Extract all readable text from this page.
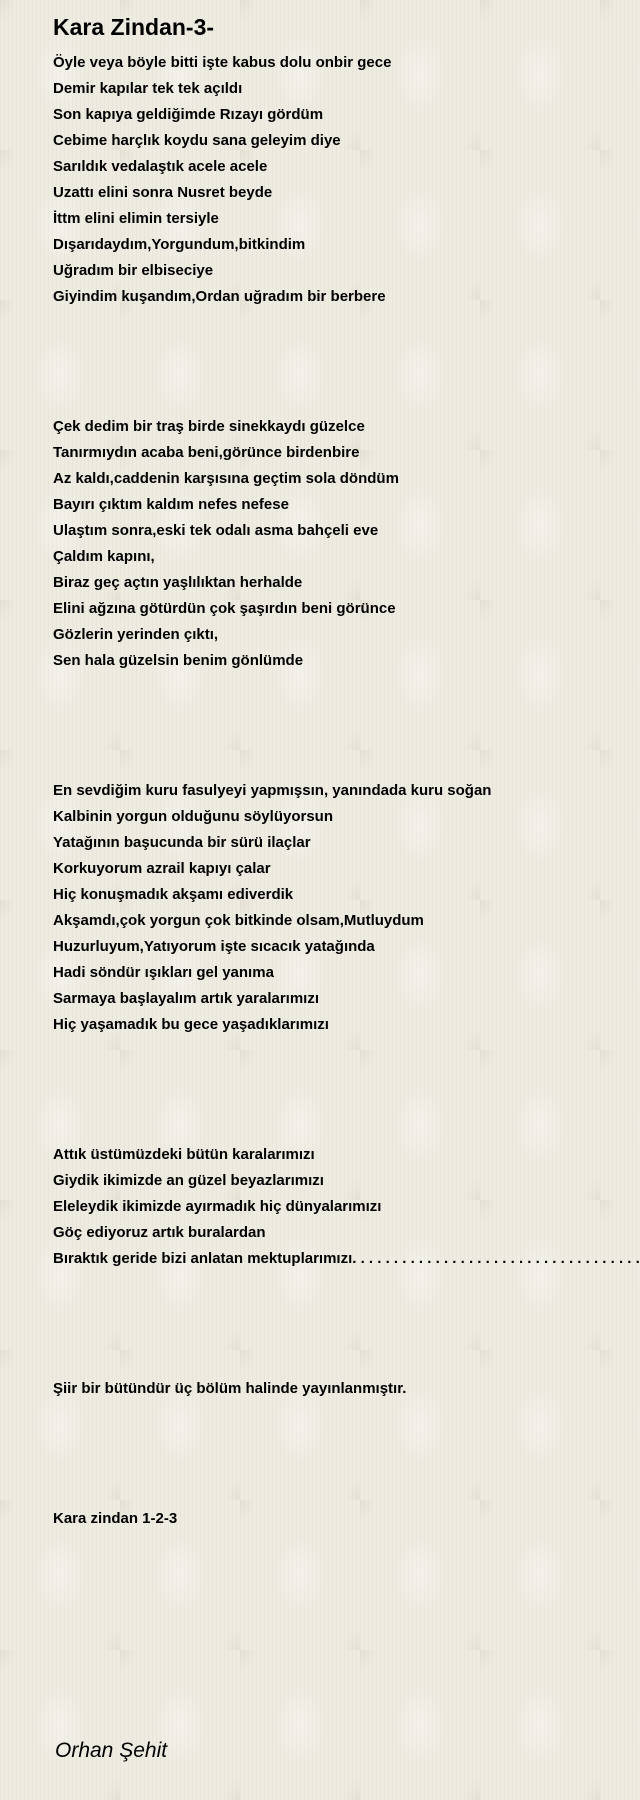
Kara Zindan-3-
Öyle veya böyle bitti işte kabus dolu onbir gece
Demir kapılar tek tek açıldı
Son kapıya geldiğimde Rızayı gördüm
Cebime harçlık koydu sana geleyim diye
Sarıldık vedalaştık acele acele
Uzattı elini sonra Nusret beyde
İttm elini elimin tersiyle
Dışarıdaydım,Yorgundum,bitkindim
Uğradım bir elbiseciye
Giyindim kuşandım,Ordan uğradım bir berbere
Çek dedim bir traş birde sinekkaydı güzelce
Tanırmıydın acaba beni,görünce birdenbire
Az kaldı,caddenin karşısına geçtim sola döndüm
Bayırı çıktım kaldım nefes nefese
Ulaştım sonra,eski tek odalı asma bahçeli eve
Çaldım kapını,
Biraz geç açtın yaşlılıktan herhalde
Elini ağzına götürdün çok şaşırdın beni görünce
Gözlerin yerinden çıktı,
Sen hala güzelsin benim gönlümde
En sevdiğim kuru fasulyeyi yapmışsın, yanındada kuru soğan
Kalbinin yorgun olduğunu söylüyorsun
Yatağının başucunda bir sürü ilaçlar
Korkuyorum azrail kapıyı çalar
Hiç konuşmadık akşamı ediverdik
Akşamdı,çok yorgun çok bitkinde olsam,Mutluydum
Huzurluyum,Yatıyorum işte sıcacık yatağında
Hadi söndür ışıkları gel yanıma
Sarmaya başlayalım artık yaralarımızı
Hiç yaşamadık bu gece yaşadıklarımızı
Attık üstümüzdeki bütün karalarımızı
Giydik ikimizde an güzel beyazlarımızı
Eleleydik ikimizde ayırmadık hiç dünyalarımızı
Göç ediyoruz artık buralardan
Bıraktık geride bizi anlatan mektuplarımızı. . . . . . . . . . . . . . . . . . . . . . . . . . . . . . . . . . .
Şiir bir bütündür üç bölüm halinde yayınlanmıştır.
Kara zindan 1-2-3
Orhan Şehit
